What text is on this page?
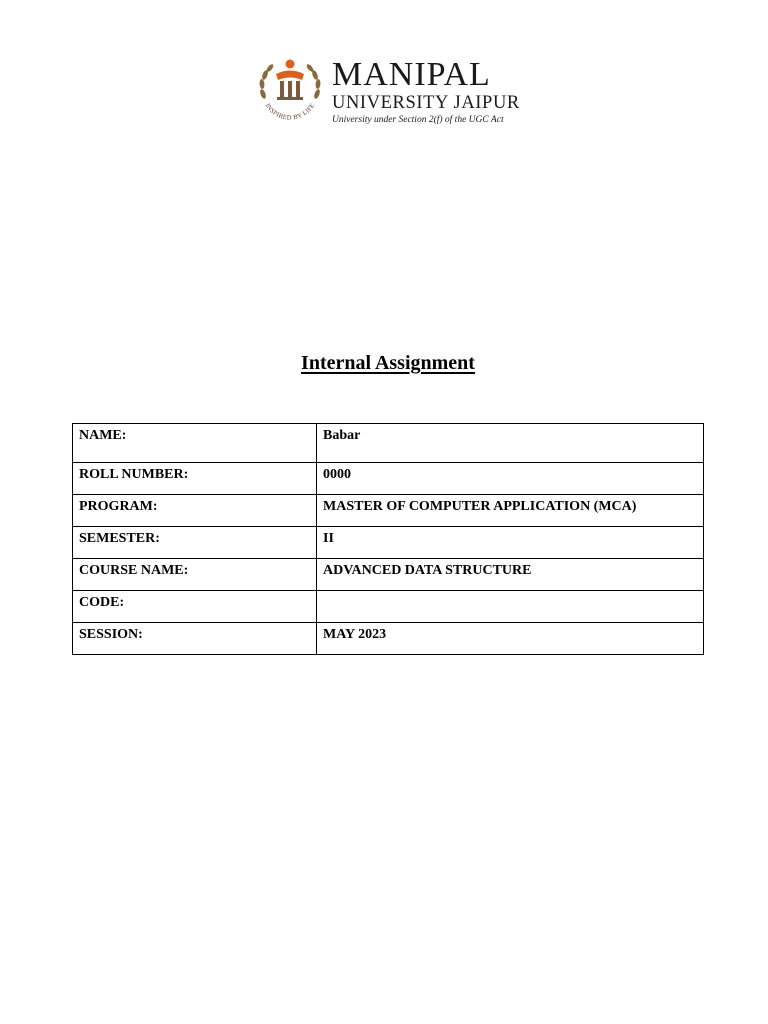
INSPIRED BY LIFE
MANIPAL
UNIVERSITY JAIPUR
University under Section 2(f) of the UGC Act
Internal Assignment
NAME:	Babar
ROLL NUMBER:	0000
PROGRAM:	MASTER OF COMPUTER APPLICATION (MCA)
SEMESTER:	II
COURSE NAME:	ADVANCED DATA STRUCTURE
CODE:	
SESSION:	MAY 2023
